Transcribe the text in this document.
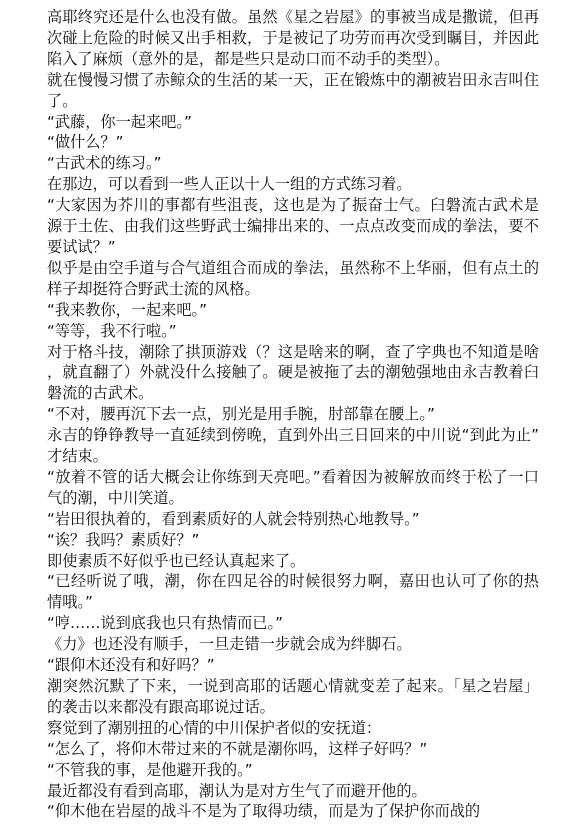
高耶终究还是什么也没有做。虽然《星之岩屋》的事被当成是撒谎，但再次碰上危险的时候又出手相救，于是被记了功劳而再次受到瞩目，并因此陷入了麻烦（意外的是，都是些只是动口而不动手的类型）。

就在慢慢习惯了赤鲸众的生活的某一天，正在锻炼中的潮被岩田永吉叫住了。

“武藤，你一起来吧。”

“做什么？”

“古武术的练习。”

在那边，可以看到一些人正以十人一组的方式练习着。

“大家因为芥川的事都有些沮丧，这也是为了振奋士气。臼磐流古武术是源于土佐、由我们这些野武士编排出来的、一点点改变而成的拳法，要不要试试？”

似乎是由空手道与合气道组合而成的拳法，虽然称不上华丽，但有点土的样子却挺符合野武士流的风格。

“我来教你，一起来吧。”

“等等，我不行啦。”

对于格斗技，潮除了拱顶游戏（？这是啥来的啊，查了字典也不知道是啥，就直翻了）外就没什么接触了。硬是被拖了去的潮勉强地由永吉教着臼磐流的古武术。

“不对，腰再沉下去一点，别光是用手腕，肘部靠在腰上。”

永吉的铮铮教导一直延续到傍晚，直到外出三日回来的中川说“到此为止”才结束。

“放着不管的话大概会让你练到天亮吧。”看着因为被解放而终于松了一口气的潮，中川笑道。

“岩田很执着的，看到素质好的人就会特别热心地教导。”

“诶？我吗？素质好？”

即使素质不好似乎也已经认真起来了。

“已经听说了哦，潮，你在四足谷的时候很努力啊，嘉田也认可了你的热情哦。”

“哼……说到底我也只有热情而已。”

《力》也还没有顺手，一旦走错一步就会成为绊脚石。

“跟仰木还没有和好吗？”

潮突然沉默了下来，一说到高耶的话题心情就变差了起来。「星之岩屋」的袭击以来都没有跟高耶说过话。

察觉到了潮别扭的心情的中川保护者似的安抚道：

“怎么了，将仰木带过来的不就是潮你吗，这样子好吗？”

“不管我的事，是他避开我的。”

最近都没有看到高耶，潮认为是对方生气了而避开他的。

“仰木他在岩屋的战斗不是为了取得功绩，而是为了保护你而战的
